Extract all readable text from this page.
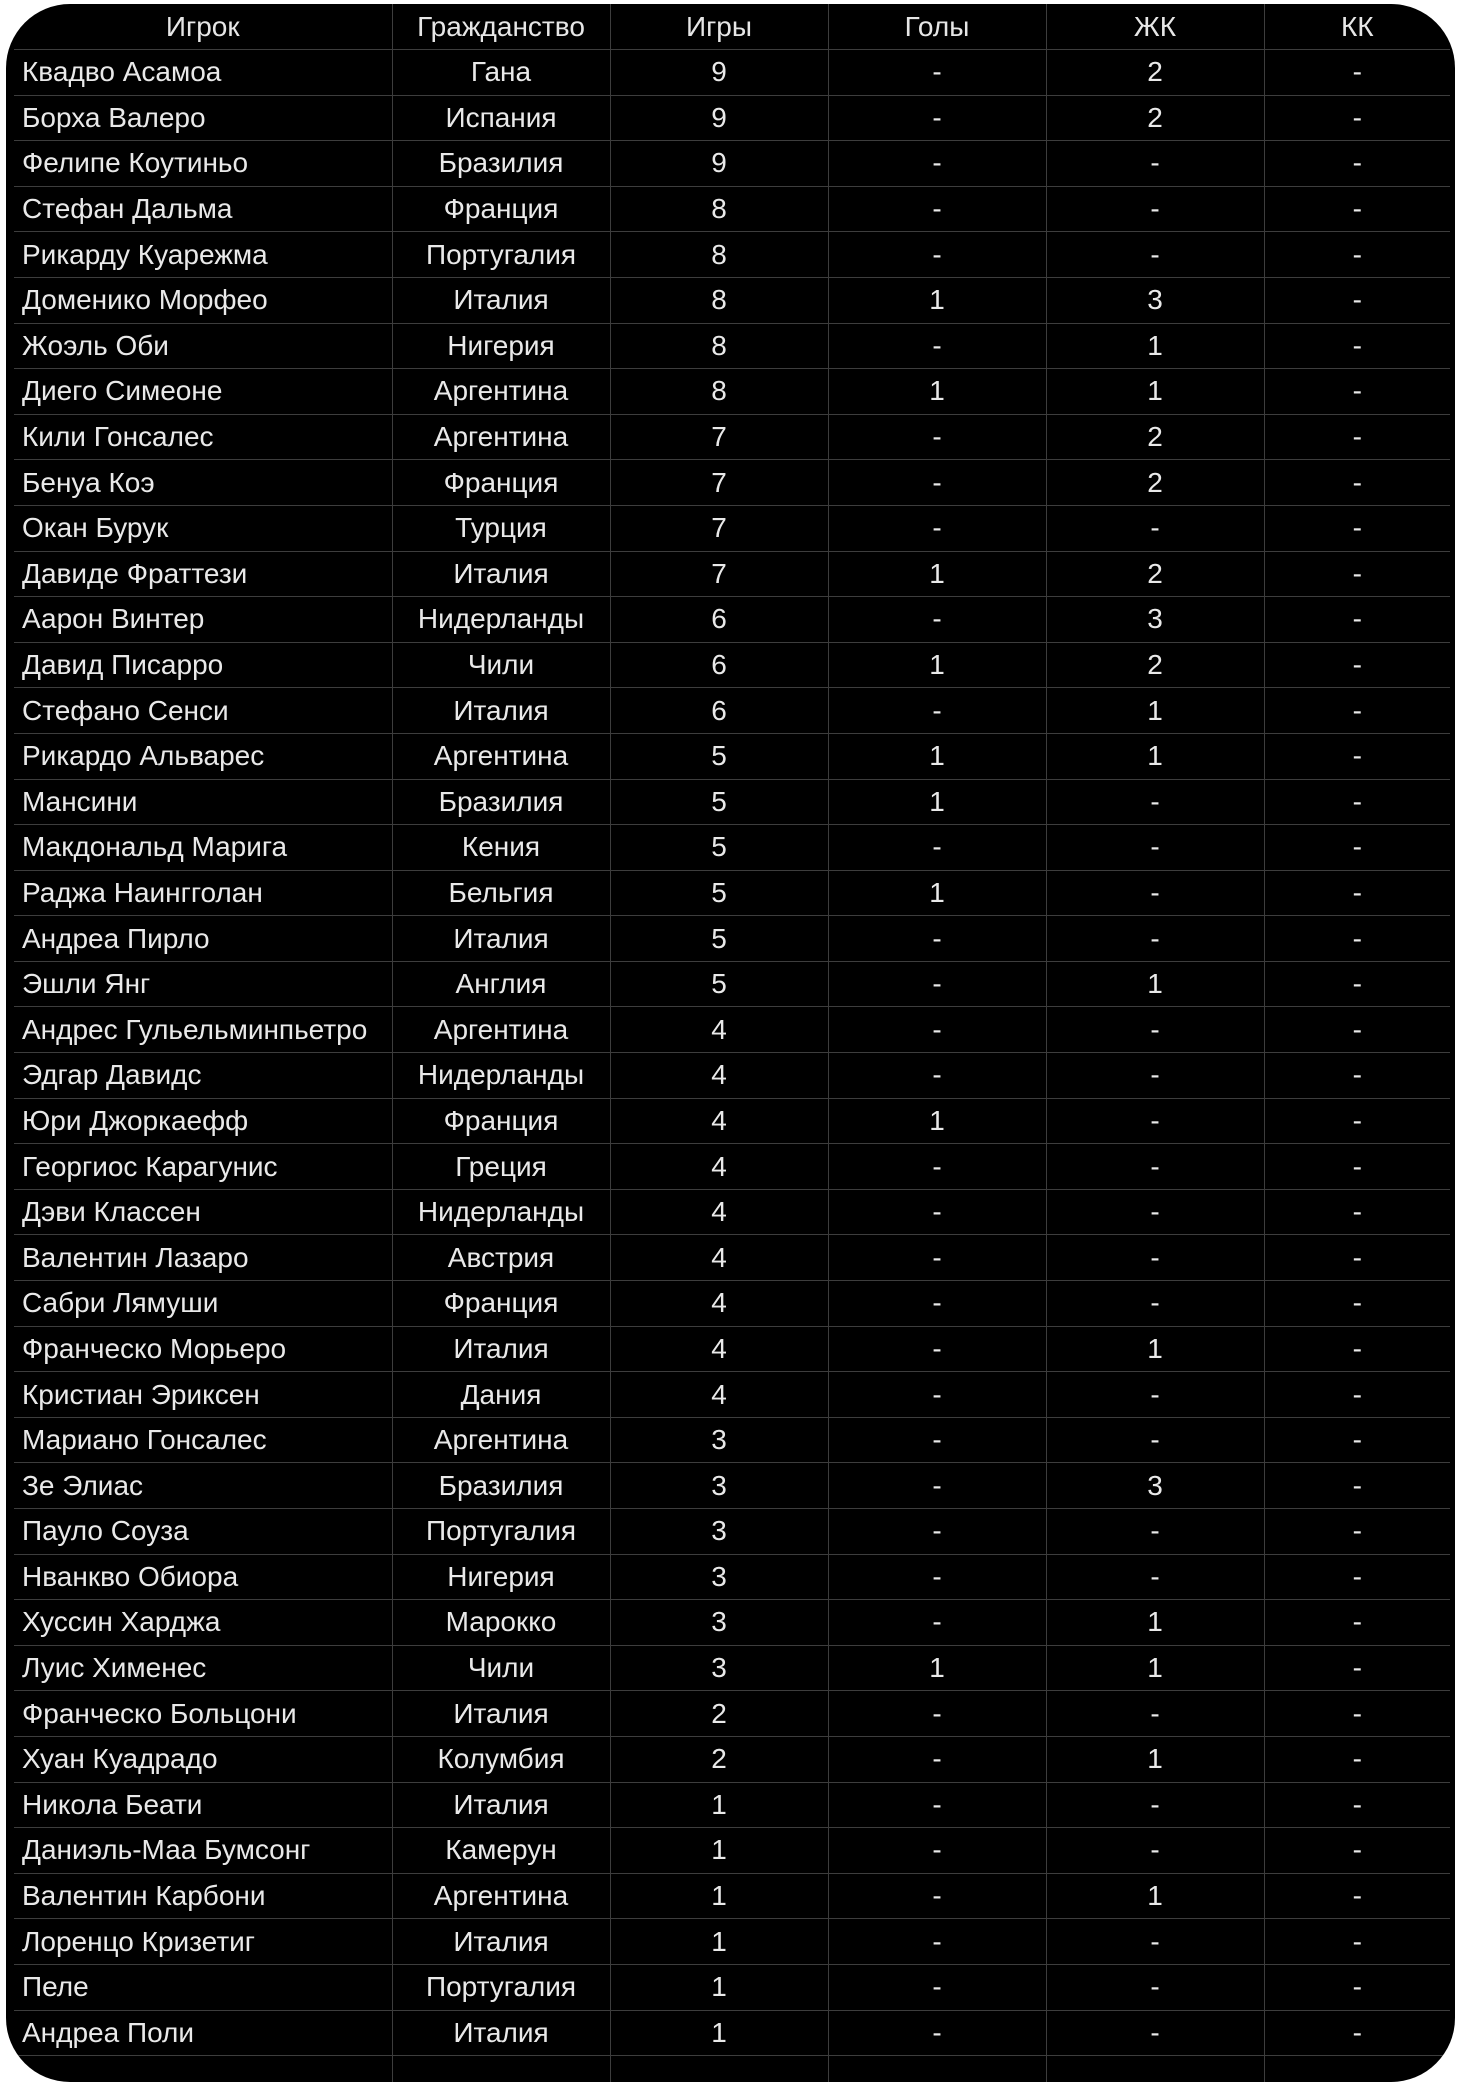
Игрок	Гражданство	Игры	Голы	ЖК	КК
Квадво Асамоа	Гана	9	-	2	-
Борха Валеро	Испания	9	-	2	-
Фелипе Коутиньо	Бразилия	9	-	-	-
Стефан Дальма	Франция	8	-	-	-
Рикарду Куарежма	Португалия	8	-	-	-
Доменико Морфео	Италия	8	1	3	-
Жоэль Оби	Нигерия	8	-	1	-
Диего Симеоне	Аргентина	8	1	1	-
Кили Гонсалес	Аргентина	7	-	2	-
Бенуа Коэ	Франция	7	-	2	-
Окан Бурук	Турция	7	-	-	-
Давиде Фраттези	Италия	7	1	2	-
Аарон Винтер	Нидерланды	6	-	3	-
Давид Писарро	Чили	6	1	2	-
Стефано Сенси	Италия	6	-	1	-
Рикардо Альварес	Аргентина	5	1	1	-
Мансини	Бразилия	5	1	-	-
Макдональд Марига	Кения	5	-	-	-
Раджа Наингголан	Бельгия	5	1	-	-
Андреа Пирло	Италия	5	-	-	-
Эшли Янг	Англия	5	-	1	-
Андрес Гульельминпьетро	Аргентина	4	-	-	-
Эдгар Давидс	Нидерланды	4	-	-	-
Юри Джоркаефф	Франция	4	1	-	-
Георгиос Карагунис	Греция	4	-	-	-
Дэви Классен	Нидерланды	4	-	-	-
Валентин Лазаро	Австрия	4	-	-	-
Сабри Лямуши	Франция	4	-	-	-
Франческо Морьеро	Италия	4	-	1	-
Кристиан Эриксен	Дания	4	-	-	-
Мариано Гонсалес	Аргентина	3	-	-	-
Зе Элиас	Бразилия	3	-	3	-
Пауло Соуза	Португалия	3	-	-	-
Нванкво Обиора	Нигерия	3	-	-	-
Хуссин Харджа	Марокко	3	-	1	-
Луис Хименес	Чили	3	1	1	-
Франческо Больцони	Италия	2	-	-	-
Хуан Куадрадо	Колумбия	2	-	1	-
Никола Беати	Италия	1	-	-	-
Даниэль-Маа Бумсонг	Камерун	1	-	-	-
Валентин Карбони	Аргентина	1	-	1	-
Лоренцо Кризетиг	Италия	1	-	-	-
Пеле	Португалия	1	-	-	-
Андреа Поли	Италия	1	-	-	-
